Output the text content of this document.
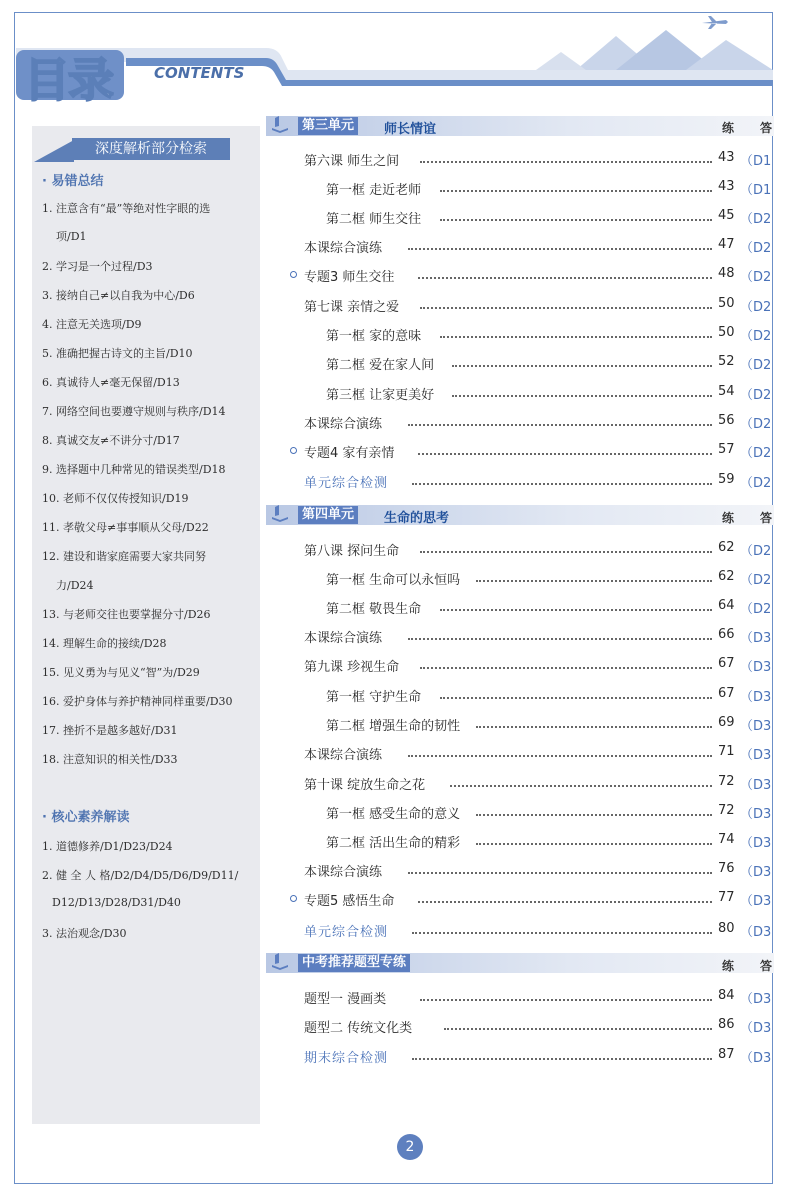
目录	CONTENTS
深度解析部分检索
· 易错总结
1. 注意含有“最”等绝对性字眼的选
项/D1
2. 学习是一个过程/D3
3. 接纳自己≠以自我为中心/D6
4. 注意无关选项/D9
5. 准确把握古诗文的主旨/D10
6. 真诚待人≠毫无保留/D13
7. 网络空间也要遵守规则与秩序/D14
8. 真诚交友≠不讲分寸/D17
9. 选择题中几种常见的错误类型/D18
10. 老师不仅仅传授知识/D19
11. 孝敬父母≠事事顺从父母/D22
12. 建设和谐家庭需要大家共同努
力/D24
13. 与老师交往也要掌握分寸/D26
14. 理解生命的接续/D28
15. 见义勇为与见义“智”为/D29
16. 爱护身体与养护精神同样重要/D30
17. 挫折不是越多越好/D31
18. 注意知识的相关性/D33
· 核心素养解读
1. 道德修养/D1/D23/D24
2. 健 全 人 格/D2/D4/D5/D6/D9/D11/
D12/D13/D28/D31/D40
3. 法治观念/D30
第三单元	师长情谊	练 答
第六课 师生之间	43 （D1
第一框 走近老师	43 （D1
第二框 师生交往	45 （D2
本课综合演练	47 （D2
专题3 师生交往	48 （D2
第七课 亲情之爱	50 （D2
第一框 家的意味	50 （D2
第二框 爱在家人间	52 （D2
第三框 让家更美好	54 （D2
本课综合演练	56 （D2
专题4 家有亲情	57 （D2
单元综合检测	59 （D2
第四单元	生命的思考	练 答
第八课 探问生命	62 （D2
第一框 生命可以永恒吗	62 （D2
第二框 敬畏生命	64 （D2
本课综合演练	66 （D3
第九课 珍视生命	67 （D3
第一框 守护生命	67 （D3
第二框 增强生命的韧性	69 （D3
本课综合演练	71 （D3
第十课 绽放生命之花	72 （D3
第一框 感受生命的意义	72 （D3
第二框 活出生命的精彩	74 （D3
本课综合演练	76 （D3
专题5 感悟生命	77 （D3
单元综合检测	80 （D3
中考推荐题型专练	练 答
题型一 漫画类	84 （D3
题型二 传统文化类	86 （D3
期末综合检测	87 （D3
2
